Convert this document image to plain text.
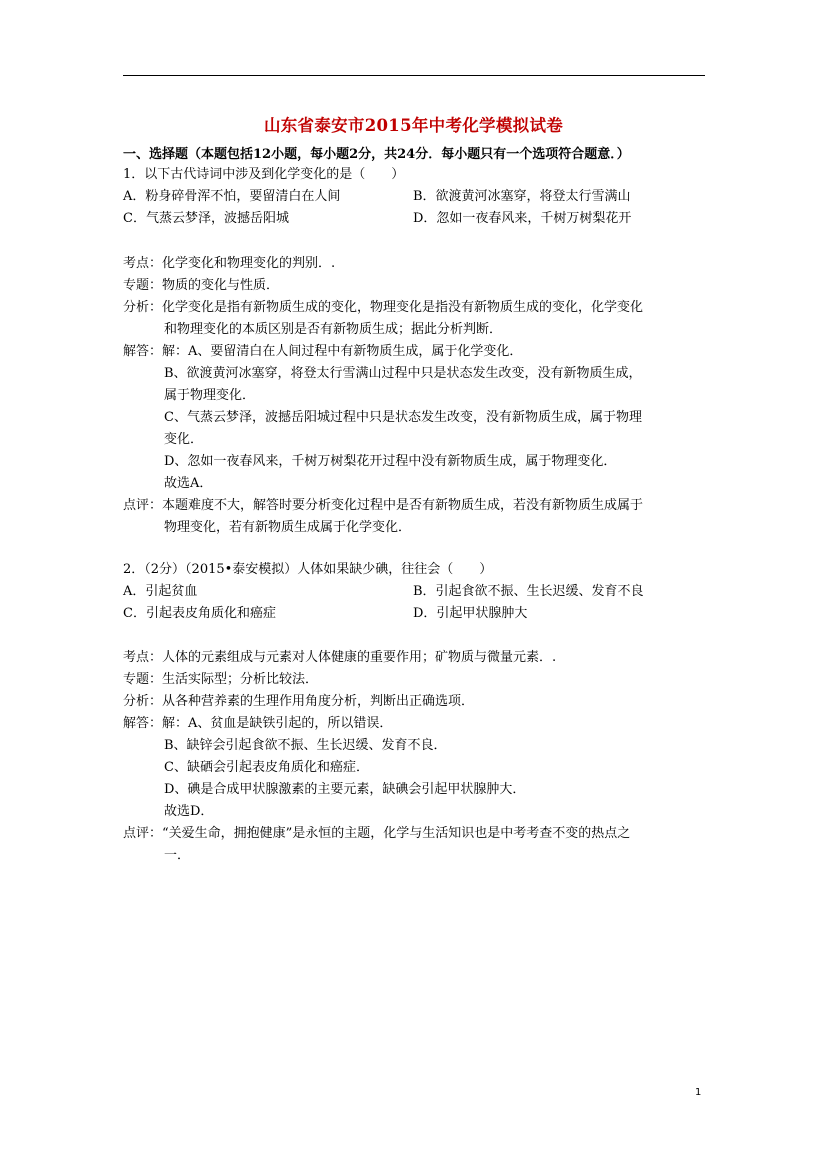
山东省泰安市2015年中考化学模拟试卷
一、选择题（本题包括12小题，每小题2分，共24分．每小题只有一个选项符合题意．）
1．以下古代诗词中涉及到化学变化的是（　　）
A．粉身碎骨浑不怕，要留清白在人间	B．欲渡黄河冰塞穿，将登太行雪满山
C．气蒸云梦泽，波撼岳阳城	D．忽如一夜春风来，千树万树梨花开
考点：化学变化和物理变化的判别．.
专题：物质的变化与性质．
分析：化学变化是指有新物质生成的变化，物理变化是指没有新物质生成的变化，化学变化
和物理变化的本质区别是否有新物质生成；据此分析判断．
解答：解：A、要留清白在人间过程中有新物质生成，属于化学变化．
B、欲渡黄河冰塞穿，将登太行雪满山过程中只是状态发生改变，没有新物质生成，
属于物理变化．
C、气蒸云梦泽，波撼岳阳城过程中只是状态发生改变，没有新物质生成，属于物理
变化．
D、忽如一夜春风来，千树万树梨花开过程中没有新物质生成，属于物理变化．
故选A．
点评：本题难度不大，解答时要分析变化过程中是否有新物质生成，若没有新物质生成属于
物理变化，若有新物质生成属于化学变化．
2．（2分）（2015•泰安模拟）人体如果缺少碘，往往会（　　）
A．引起贫血	B．引起食欲不振、生长迟缓、发育不良
C．引起表皮角质化和癌症	D．引起甲状腺肿大
考点：人体的元素组成与元素对人体健康的重要作用；矿物质与微量元素．.
专题：生活实际型；分析比较法．
分析：从各种营养素的生理作用角度分析，判断出正确选项．
解答：解：A、贫血是缺铁引起的，所以错误．
B、缺锌会引起食欲不振、生长迟缓、发育不良．
C、缺硒会引起表皮角质化和癌症．
D、碘是合成甲状腺激素的主要元素，缺碘会引起甲状腺肿大．
故选D．
点评：“关爱生命，拥抱健康”是永恒的主题，化学与生活知识也是中考考查不变的热点之
一．
1
